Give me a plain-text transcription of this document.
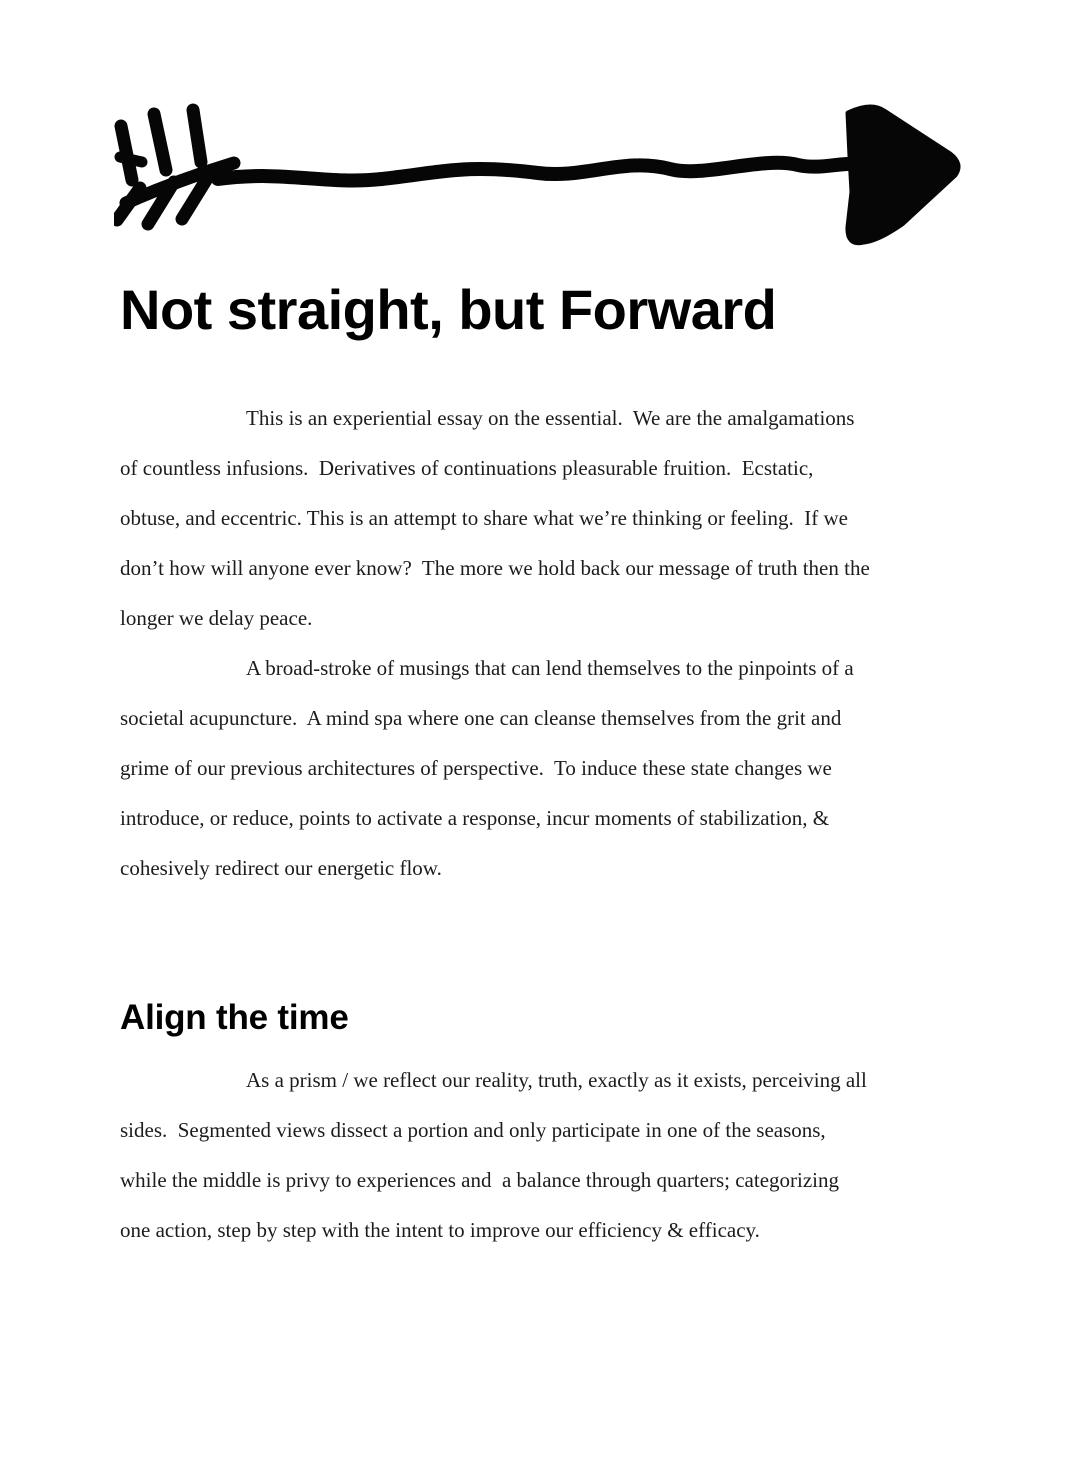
Not straight, but Forward
This is an experiential essay on the essential.  We are the amalgamations
of countless infusions.  Derivatives of continuations pleasurable fruition.  Ecstatic,
obtuse, and eccentric. This is an attempt to share what we’re thinking or feeling.  If we
don’t how will anyone ever know?  The more we hold back our message of truth then the
longer we delay peace.
A broad-stroke of musings that can lend themselves to the pinpoints of a
societal acupuncture.  A mind spa where one can cleanse themselves from the grit and
grime of our previous architectures of perspective.  To induce these state changes we
introduce, or reduce, points to activate a response, incur moments of stabilization, &
cohesively redirect our energetic flow.
Align the time
As a prism / we reflect our reality, truth, exactly as it exists, perceiving all
sides.  Segmented views dissect a portion and only participate in one of the seasons,
while the middle is privy to experiences and  a balance through quarters; categorizing
one action, step by step with the intent to improve our efficiency & efficacy.
